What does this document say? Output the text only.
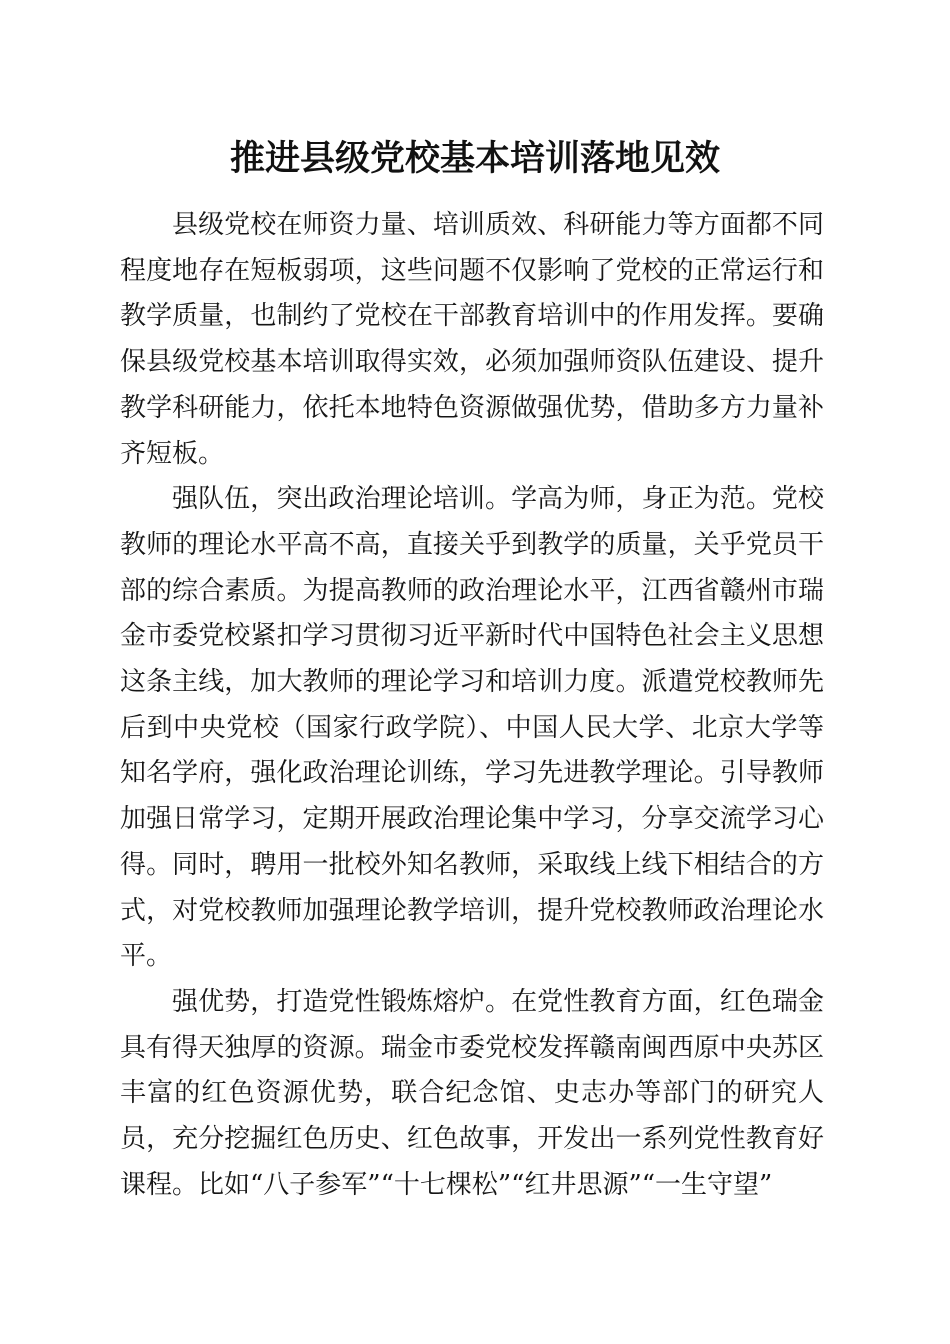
推进县级党校基本培训落地见效

县级党校在师资力量、培训质效、科研能力等方面都不同程度地存在短板弱项，这些问题不仅影响了党校的正常运行和教学质量，也制约了党校在干部教育培训中的作用发挥。要确保县级党校基本培训取得实效，必须加强师资队伍建设、提升教学科研能力，依托本地特色资源做强优势，借助多方力量补齐短板。

强队伍，突出政治理论培训。学高为师，身正为范。党校教师的理论水平高不高，直接关乎到教学的质量，关乎党员干部的综合素质。为提高教师的政治理论水平，江西省赣州市瑞金市委党校紧扣学习贯彻习近平新时代中国特色社会主义思想这条主线，加大教师的理论学习和培训力度。派遣党校教师先后到中央党校（国家行政学院）、中国人民大学、北京大学等知名学府，强化政治理论训练，学习先进教学理论。引导教师加强日常学习，定期开展政治理论集中学习，分享交流学习心得。同时，聘用一批校外知名教师，采取线上线下相结合的方式，对党校教师加强理论教学培训，提升党校教师政治理论水平。

强优势，打造党性锻炼熔炉。在党性教育方面，红色瑞金具有得天独厚的资源。瑞金市委党校发挥赣南闽西原中央苏区丰富的红色资源优势，联合纪念馆、史志办等部门的研究人员，充分挖掘红色历史、红色故事，开发出一系列党性教育好课程。比如“八子参军”“十七棵松”“红井思源”“一生守望”
